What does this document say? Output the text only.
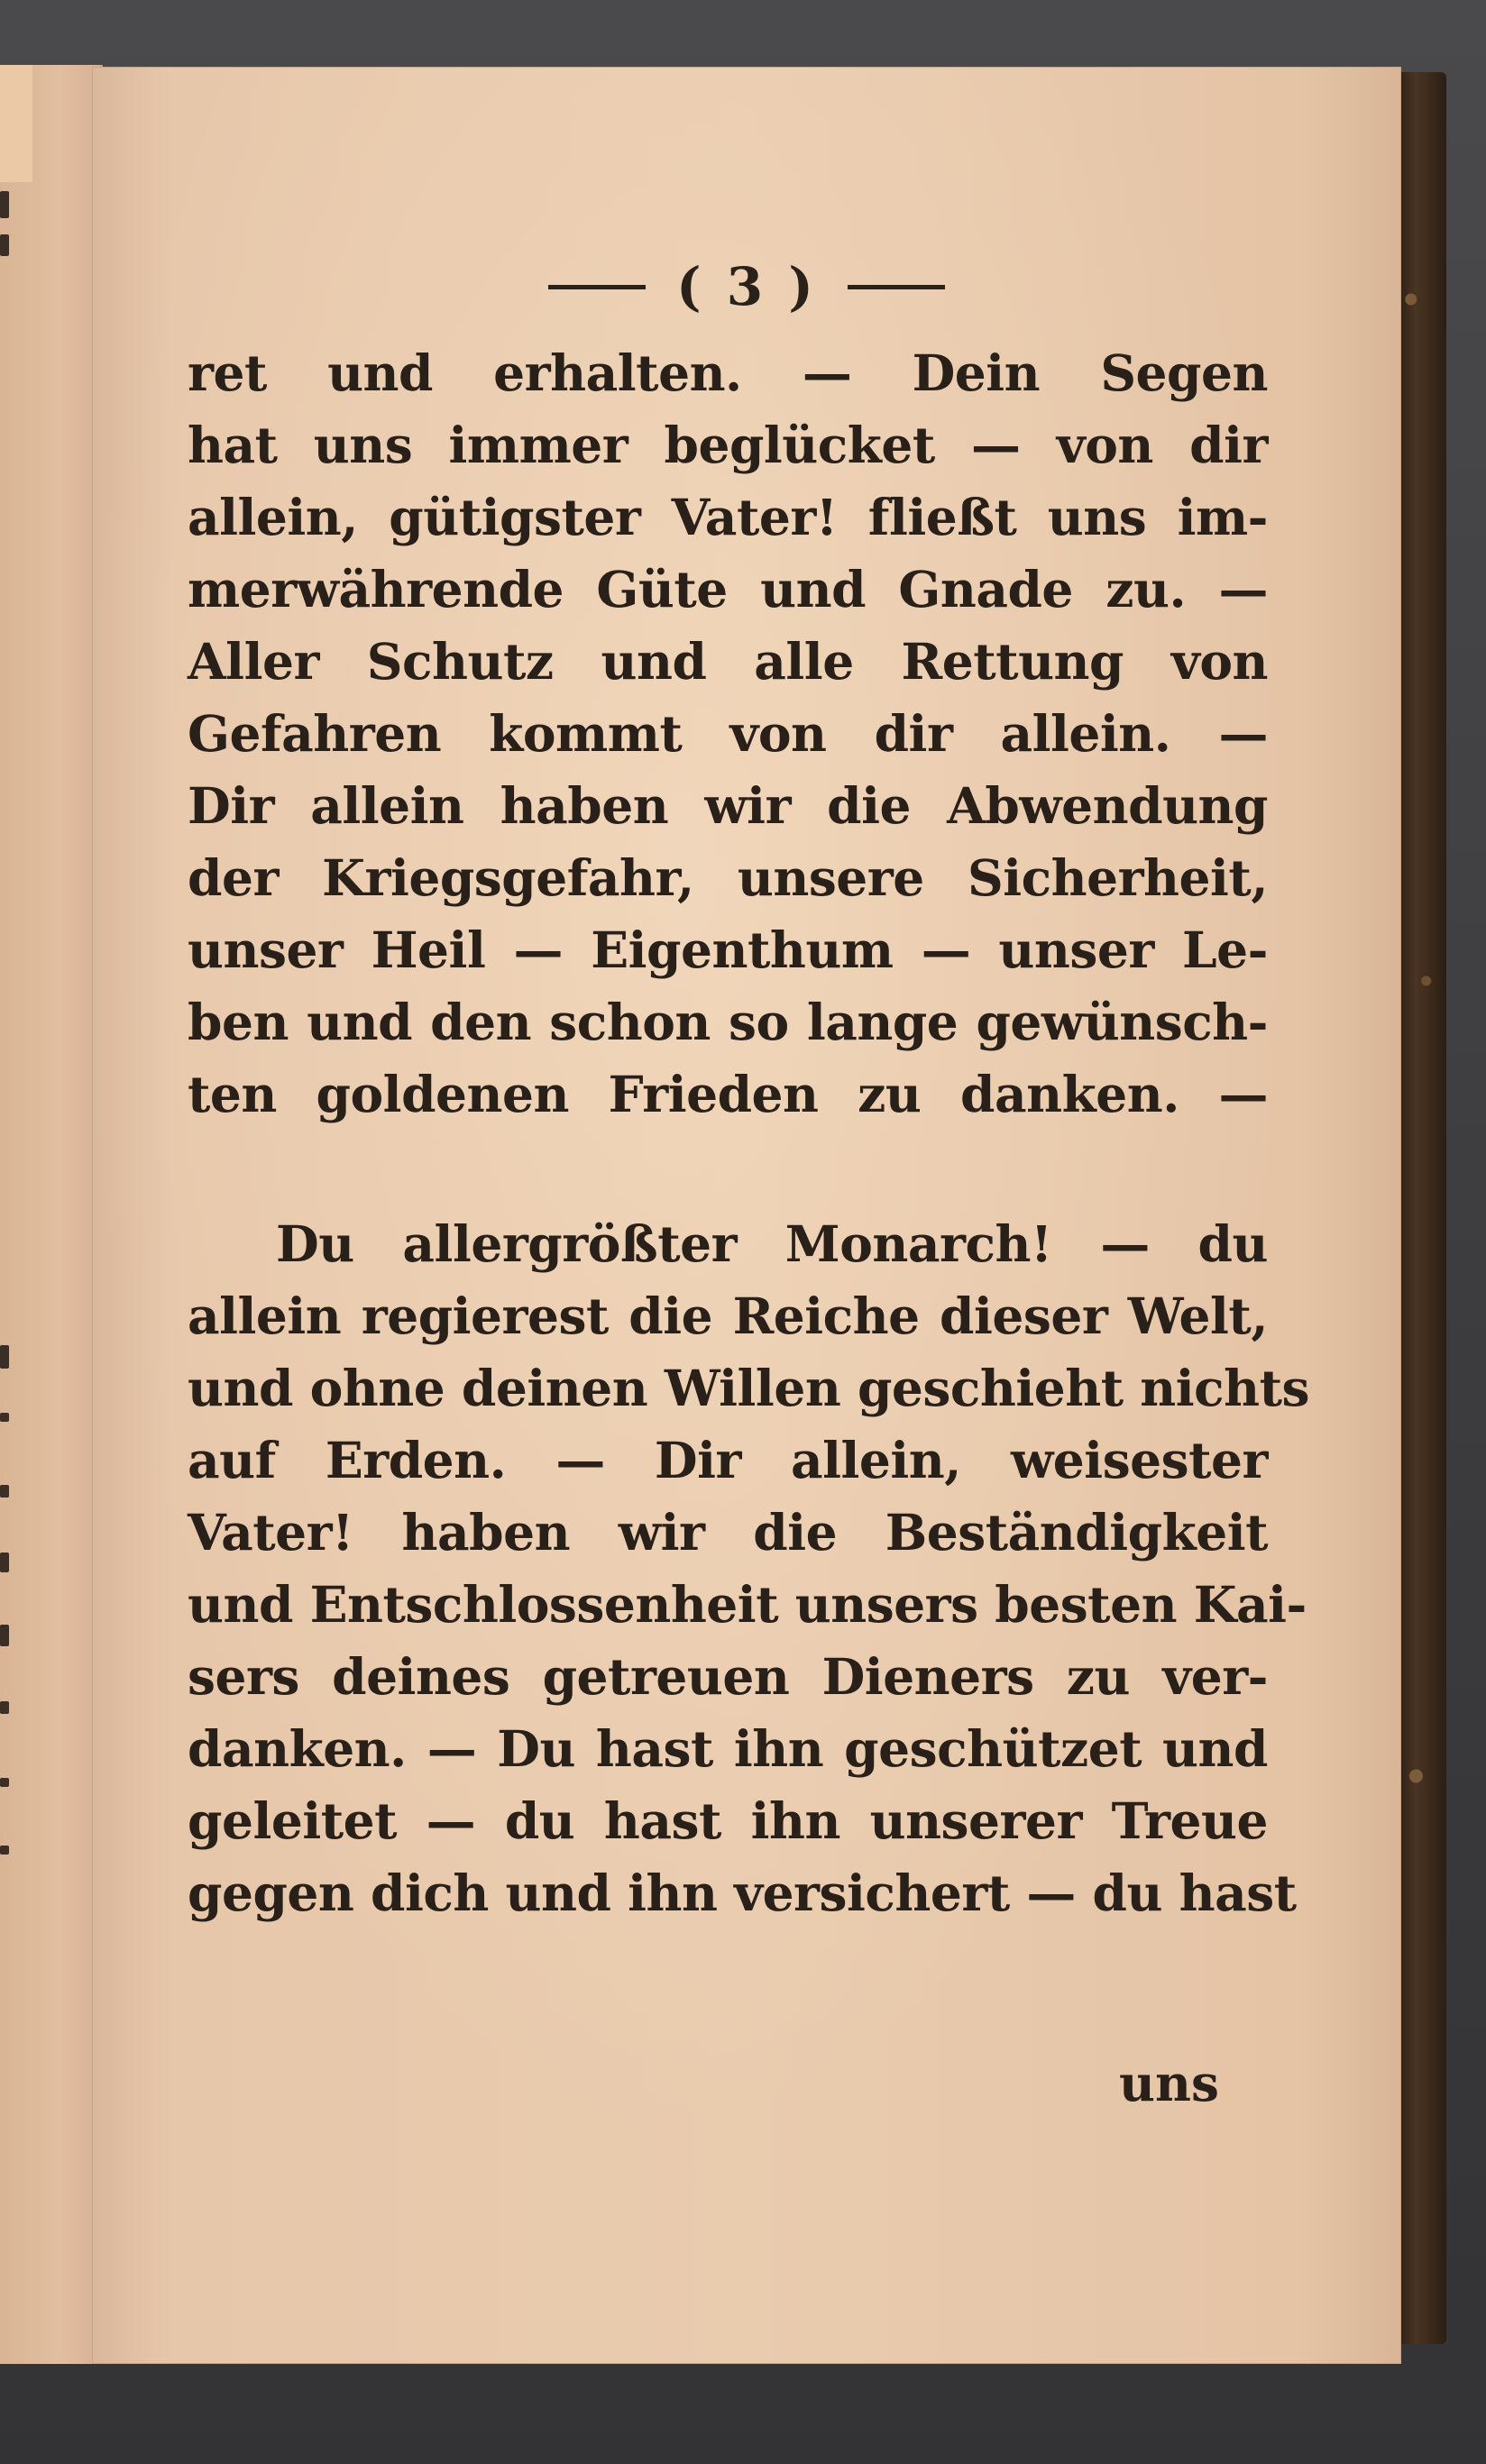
( 3 )
ret und erhalten. — Dein Segen
hat uns immer beglücket — von dir
allein, gütigster Vater! fließt uns im-
merwährende Güte und Gnade zu. —
Aller Schutz und alle Rettung von
Gefahren kommt von dir allein. —
Dir allein haben wir die Abwendung
der Kriegsgefahr, unsere Sicherheit,
unser Heil — Eigenthum — unser Le-
ben und den schon so lange gewünsch-
ten goldenen Frieden zu danken. —
Du allergrößter Monarch! — du
allein regierest die Reiche dieser Welt,
und ohne deinen Willen geschieht nichts
auf Erden. — Dir allein, weisester
Vater! haben wir die Beständigkeit
und Entschlossenheit unsers besten Kai-
sers deines getreuen Dieners zu ver-
danken. — Du hast ihn geschützet und
geleitet — du hast ihn unserer Treue
gegen dich und ihn versichert — du hast
uns
